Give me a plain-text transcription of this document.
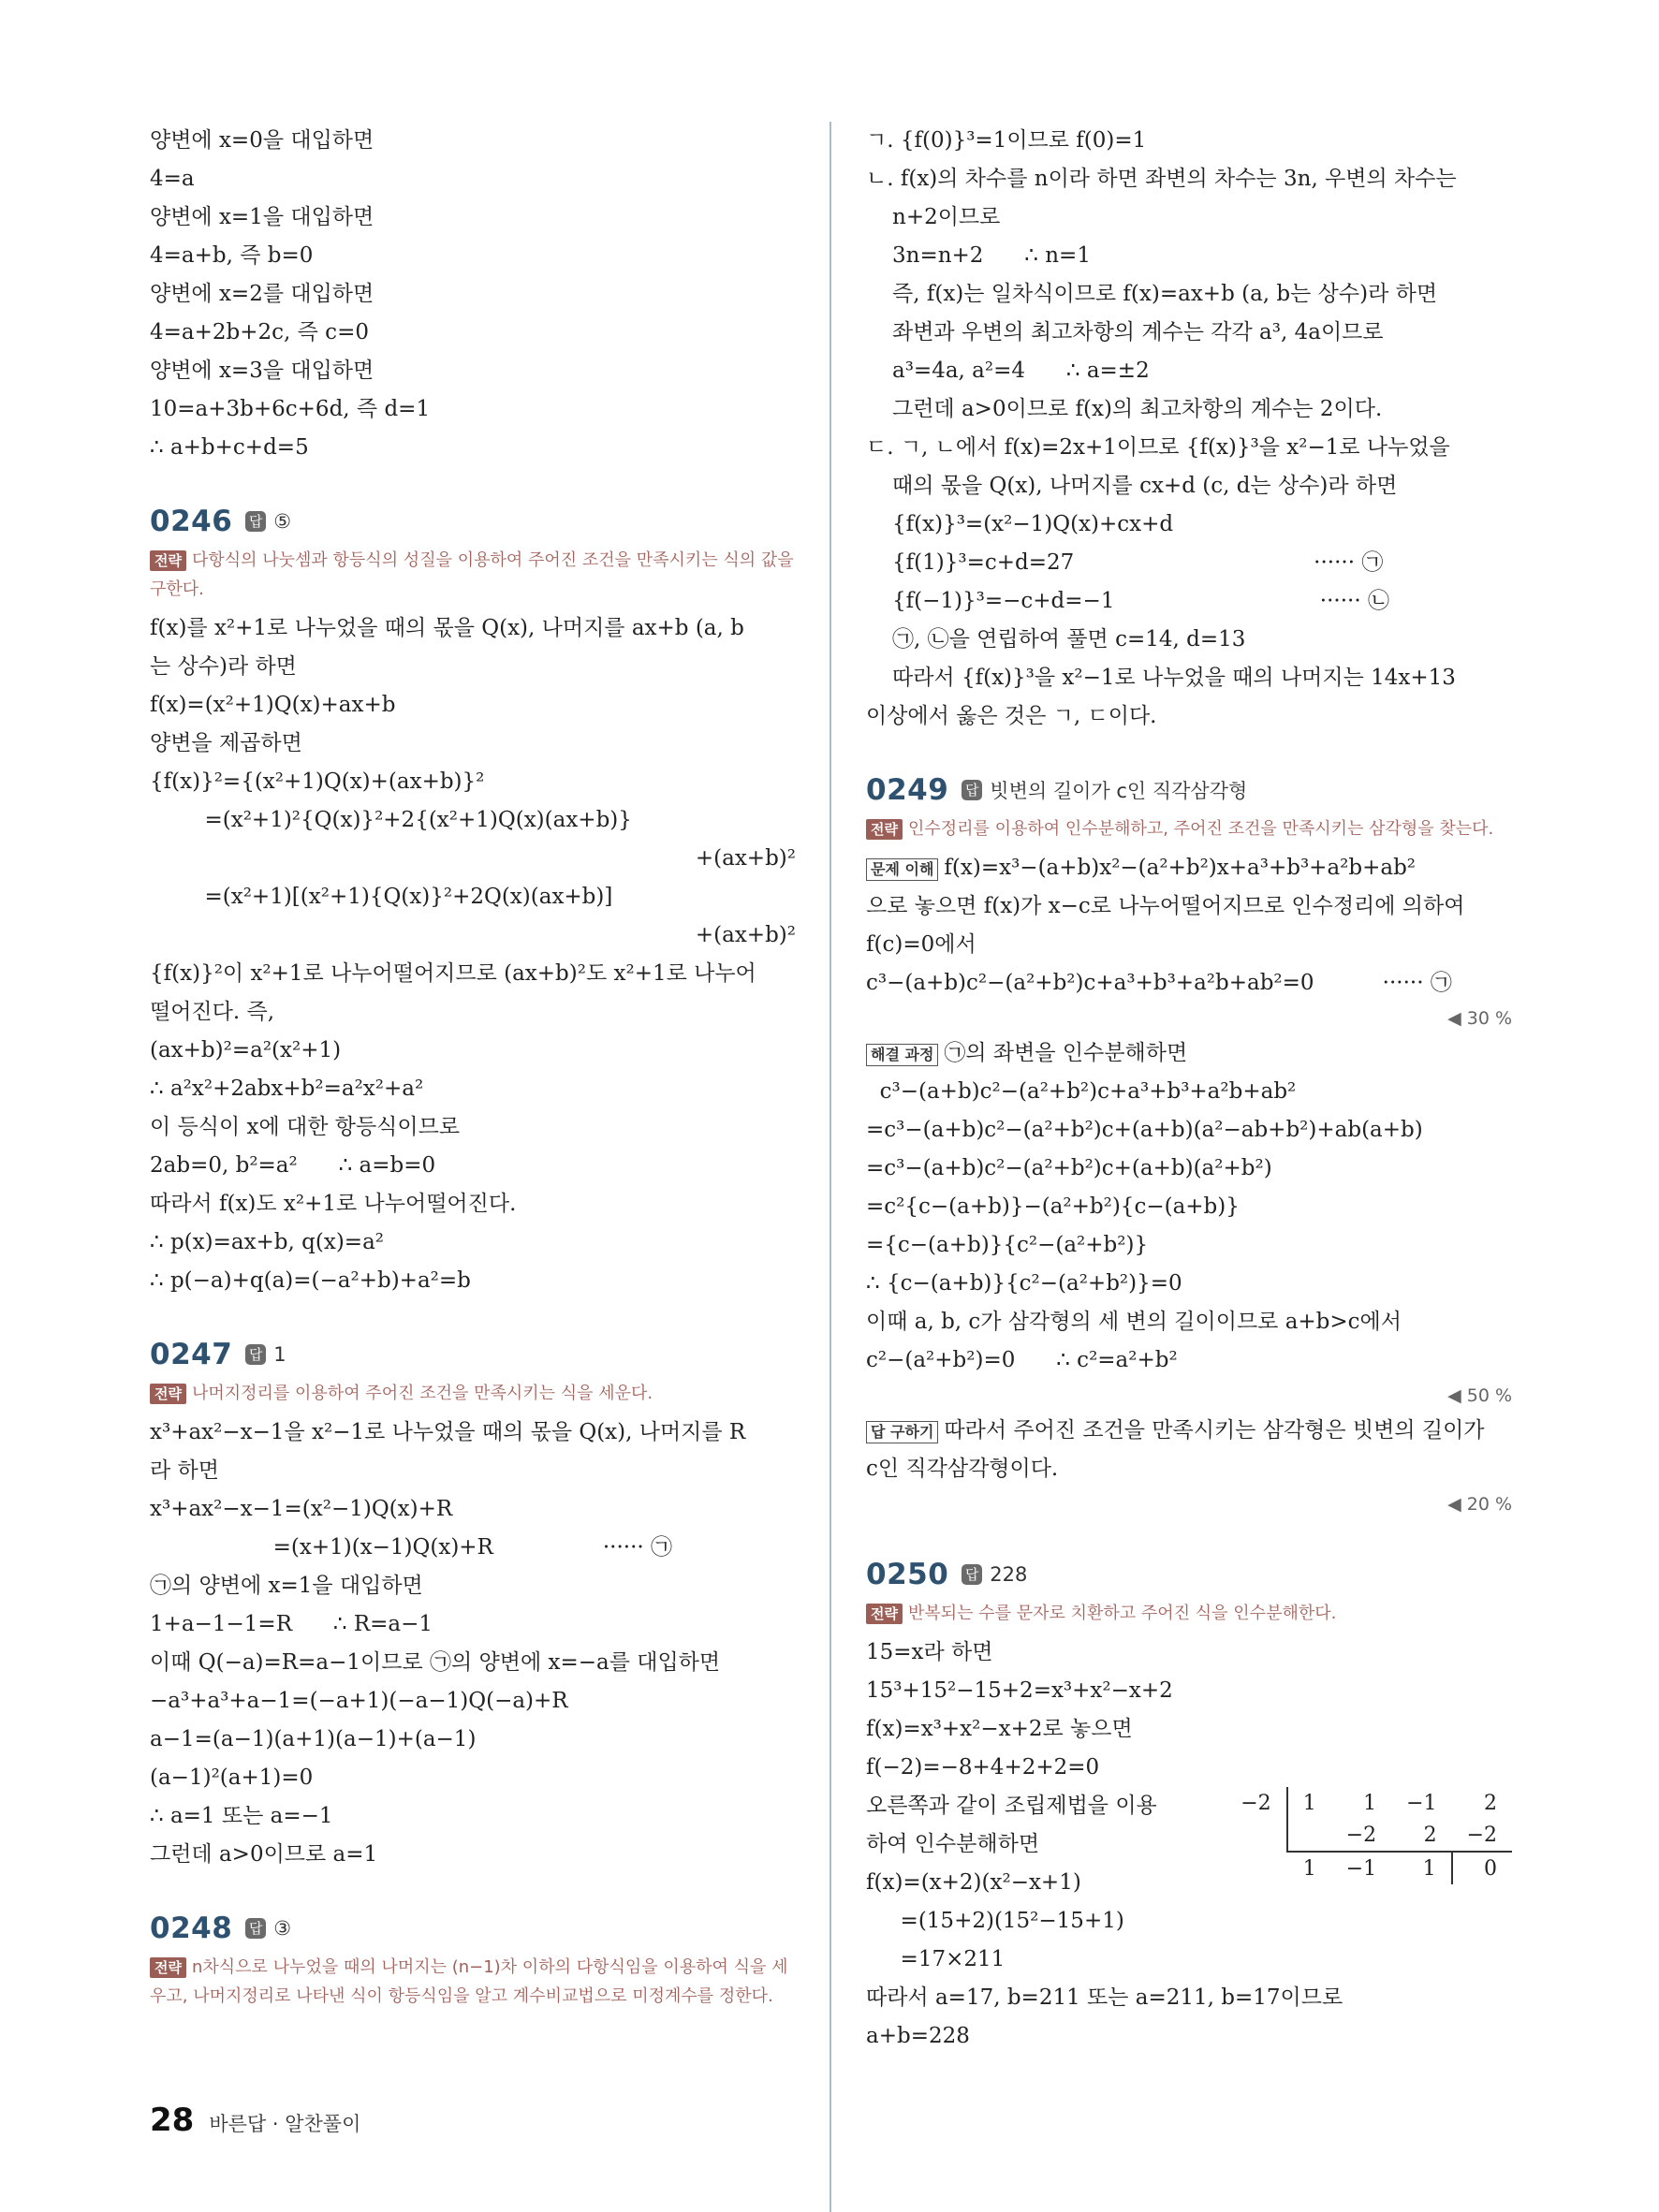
양변에 x=0을 대입하면
4=a
양변에 x=1을 대입하면
4=a+b, 즉 b=0
양변에 x=2를 대입하면
4=a+2b+2c, 즉 c=0
양변에 x=3을 대입하면
10=a+3b+6c+6d, 즉 d=1
∴ a+b+c+d=5
0246 답 ⑤
전략 다항식의 나눗셈과 항등식의 성질을 이용하여 주어진 조건을 만족시키는 식의 값을 구한다.
f(x)를 x²+1로 나누었을 때의 몫을 Q(x), 나머지를 ax+b (a, b
는 상수)라 하면
f(x)=(x²+1)Q(x)+ax+b
양변을 제곱하면
{f(x)}²={(x²+1)Q(x)+(ax+b)}²
=(x²+1)²{Q(x)}²+2{(x²+1)Q(x)(ax+b)}
+(ax+b)²
=(x²+1)[(x²+1){Q(x)}²+2Q(x)(ax+b)]
+(ax+b)²
{f(x)}²이 x²+1로 나누어떨어지므로 (ax+b)²도 x²+1로 나누어
떨어진다. 즉,
(ax+b)²=a²(x²+1)
∴ a²x²+2abx+b²=a²x²+a²
이 등식이 x에 대한 항등식이므로
2ab=0, b²=a²      ∴ a=b=0
따라서 f(x)도 x²+1로 나누어떨어진다.
∴ p(x)=ax+b, q(x)=a²
∴ p(−a)+q(a)=(−a²+b)+a²=b
0247 답 1
전략 나머지정리를 이용하여 주어진 조건을 만족시키는 식을 세운다.
x³+ax²−x−1을 x²−1로 나누었을 때의 몫을 Q(x), 나머지를 R
라 하면
x³+ax²−x−1=(x²−1)Q(x)+R
=(x+1)(x−1)Q(x)+R                ······ ㉠
㉠의 양변에 x=1을 대입하면
1+a−1−1=R      ∴ R=a−1
이때 Q(−a)=R=a−1이므로 ㉠의 양변에 x=−a를 대입하면
−a³+a³+a−1=(−a+1)(−a−1)Q(−a)+R
a−1=(a−1)(a+1)(a−1)+(a−1)
(a−1)²(a+1)=0
∴ a=1 또는 a=−1
그런데 a>0이므로 a=1
0248 답 ③
전략 n차식으로 나누었을 때의 나머지는 (n−1)차 이하의 다항식임을 이용하여 식을 세우고, 나머지정리로 나타낸 식이 항등식임을 알고 계수비교법으로 미정계수를 정한다.
ㄱ. {f(0)}³=1이므로 f(0)=1
ㄴ. f(x)의 차수를 n이라 하면 좌변의 차수는 3n, 우변의 차수는
n+2이므로
3n=n+2      ∴ n=1
즉, f(x)는 일차식이므로 f(x)=ax+b (a, b는 상수)라 하면
좌변과 우변의 최고차항의 계수는 각각 a³, 4a이므로
a³=4a, a²=4      ∴ a=±2
그런데 a>0이므로 f(x)의 최고차항의 계수는 2이다.
ㄷ. ㄱ, ㄴ에서 f(x)=2x+1이므로 {f(x)}³을 x²−1로 나누었을
때의 몫을 Q(x), 나머지를 cx+d (c, d는 상수)라 하면
{f(x)}³=(x²−1)Q(x)+cx+d
{f(1)}³=c+d=27                                   ······ ㉠
{f(−1)}³=−c+d=−1                              ······ ㉡
㉠, ㉡을 연립하여 풀면 c=14, d=13
따라서 {f(x)}³을 x²−1로 나누었을 때의 나머지는 14x+13
이상에서 옳은 것은 ㄱ, ㄷ이다.
0249 답 빗변의 길이가 c인 직각삼각형
전략 인수정리를 이용하여 인수분해하고, 주어진 조건을 만족시키는 삼각형을 찾는다.
문제 이해 f(x)=x³−(a+b)x²−(a²+b²)x+a³+b³+a²b+ab²
으로 놓으면 f(x)가 x−c로 나누어떨어지므로 인수정리에 의하여
f(c)=0에서
c³−(a+b)c²−(a²+b²)c+a³+b³+a²b+ab²=0          ······ ㉠
◀ 30 %
해결 과정 ㉠의 좌변을 인수분해하면
c³−(a+b)c²−(a²+b²)c+a³+b³+a²b+ab²
=c³−(a+b)c²−(a²+b²)c+(a+b)(a²−ab+b²)+ab(a+b)
=c³−(a+b)c²−(a²+b²)c+(a+b)(a²+b²)
=c²{c−(a+b)}−(a²+b²){c−(a+b)}
={c−(a+b)}{c²−(a²+b²)}
∴ {c−(a+b)}{c²−(a²+b²)}=0
이때 a, b, c가 삼각형의 세 변의 길이이므로 a+b>c에서
c²−(a²+b²)=0      ∴ c²=a²+b²
◀ 50 %
답 구하기 따라서 주어진 조건을 만족시키는 삼각형은 빗변의 길이가
c인 직각삼각형이다.
◀ 20 %
0250 답 228
전략 반복되는 수를 문자로 치환하고 주어진 식을 인수분해한다.
15=x라 하면
15³+15²−15+2=x³+x²−x+2
f(x)=x³+x²−x+2로 놓으면
f(−2)=−8+4+2+2=0
오른쪽과 같이 조립제법을 이용
하여 인수분해하면
−2	1	1	−1	2
		−2	2	−2
	1	−1	1	0
f(x)=(x+2)(x²−x+1)
=(15+2)(15²−15+1)
=17×211
따라서 a=17, b=211 또는 a=211, b=17이므로
a+b=228
28 바른답 · 알찬풀이
